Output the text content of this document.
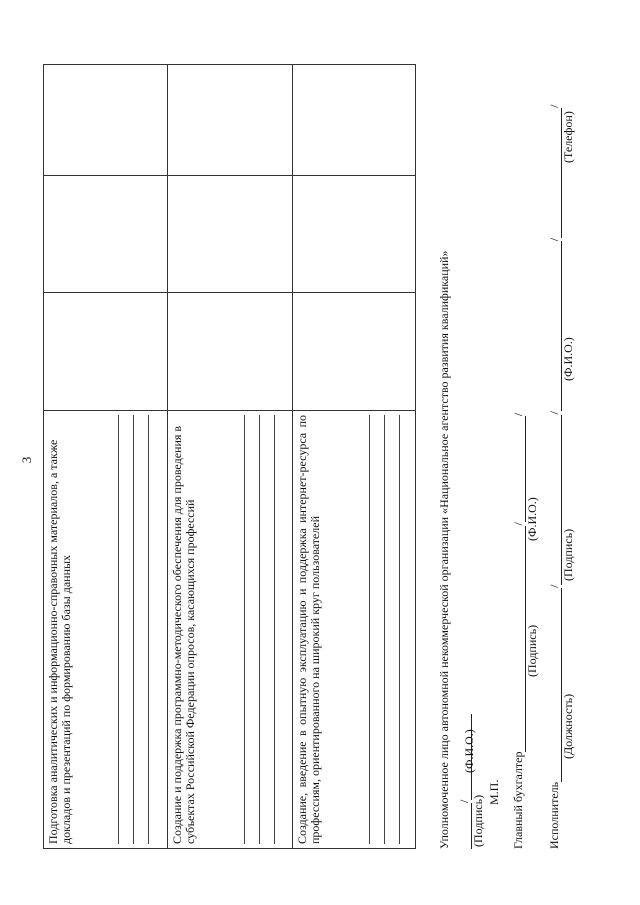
3 Подготовка аналитических и информационно-справочных материалов, а также докладов и презентаций по формированию базы данных			

Создание и поддержка программно-методического обеспечения для проведения в субъектах Российской Федерации опросов, касающихся профессий			

Создание, введение в опытную эксплуатацию и поддержка интернет-ресурса по профессиям, ориентированного на широкий круг пользователей			
				Уполномоченное лицо автономной некоммерческой организации «Национальное агентство развития квалификаций» / (Подпись)
(Ф.И.О.)
М.П. Главный бухгалтер//
(Подпись)
(Ф.И.О.)
Исполнитель////
(Должность)
(Подпись)
(Ф.И.О.)
(Телефон)
